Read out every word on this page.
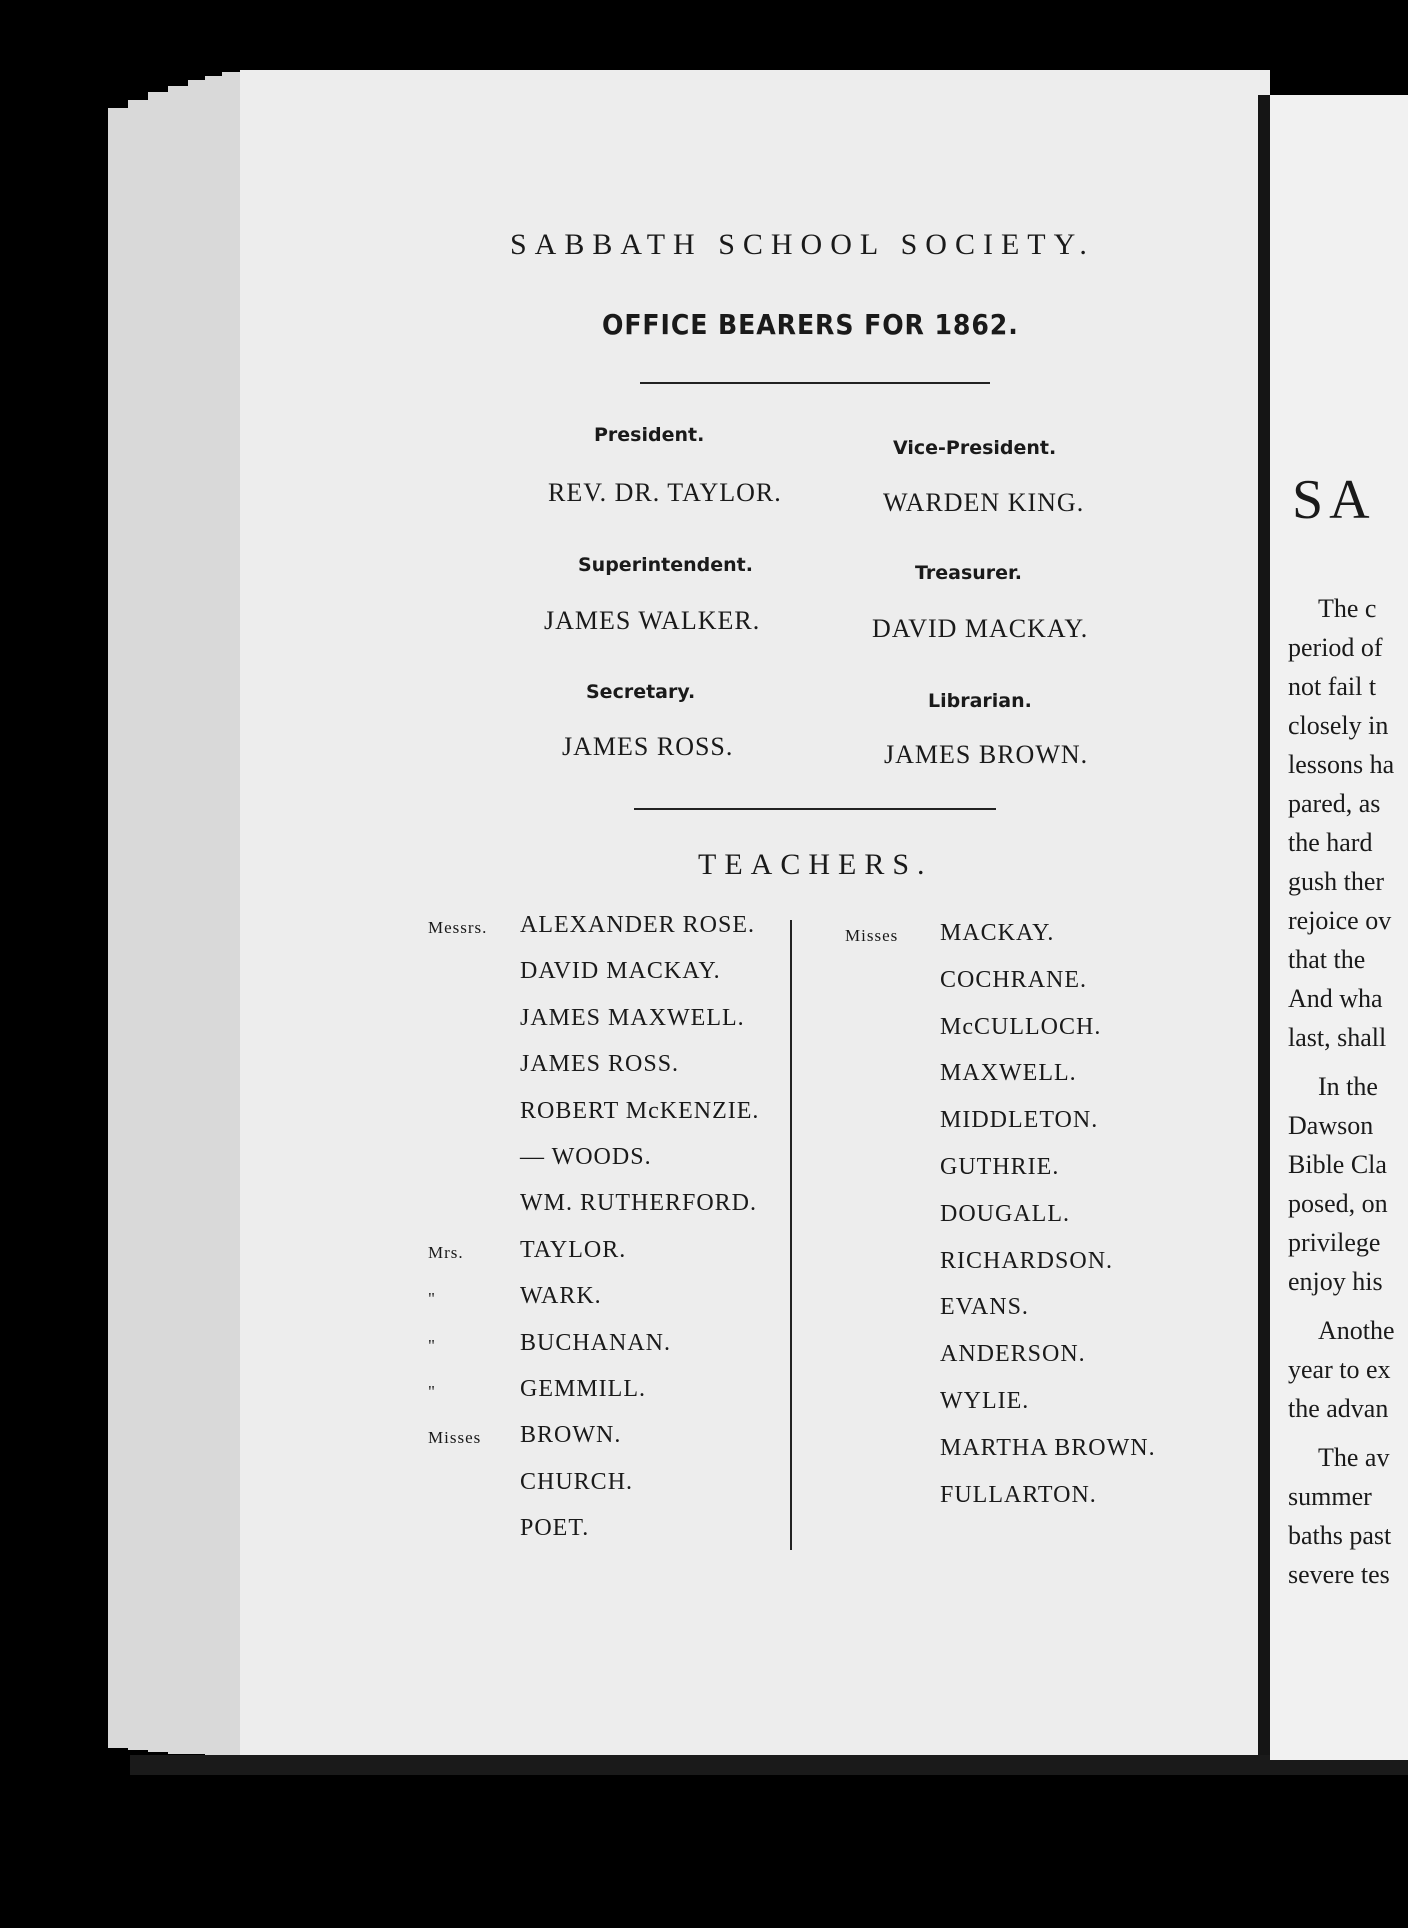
SABBATH SCHOOL SOCIETY.
OFFICE BEARERS FOR 1862.
President.
REV. DR. TAYLOR.
Vice-President.
WARDEN KING.
Superintendent.
JAMES WALKER.
Treasurer.
DAVID MACKAY.
Secretary.
JAMES ROSS.
Librarian.
JAMES BROWN.
TEACHERS.
Messrs. ALEXANDER ROSE.
DAVID MACKAY.
JAMES MAXWELL.
JAMES ROSS.
ROBERT McKENZIE.
— WOODS.
WM. RUTHERFORD.
Mrs. TAYLOR.
"	WARK.
"	BUCHANAN.
"	GEMMILL.
Misses BROWN.
CHURCH.
POET.
Misses MACKAY.
COCHRANE.
McCULLOCH.
MAXWELL.
MIDDLETON.
GUTHRIE.
DOUGALL.
RICHARDSON.
EVANS.
ANDERSON.
WYLIE.
MARTHA BROWN.
FULLARTON.
SA
The c
period of
not fail t
closely in
lessons ha
pared, as
the hard
gush ther
rejoice ov
that the
And wha
last, shall
In the
Dawson
Bible Cla
posed, on
privilege
enjoy his
Anothe
year to ex
the advan
The av
summer
baths past
severe tes
